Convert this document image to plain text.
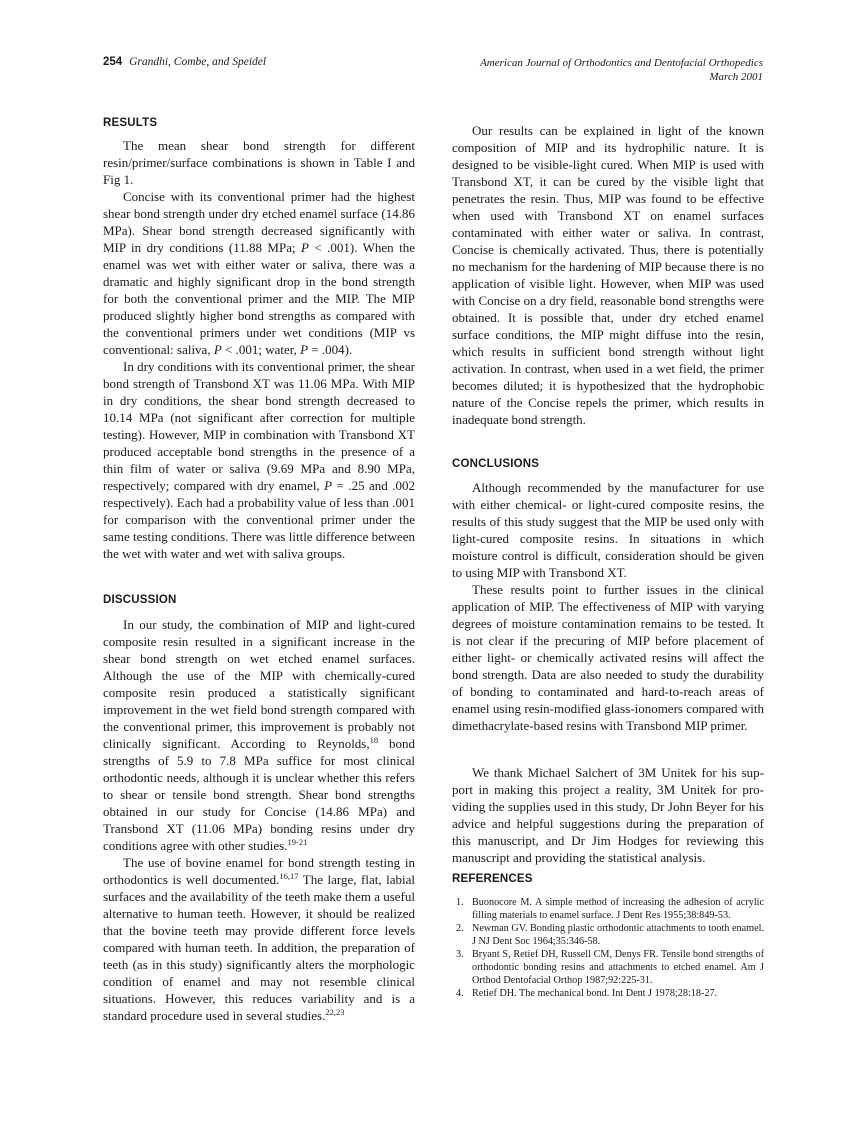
254 Grandhi, Combe, and Speidel	American Journal of Orthodontics and Dentofacial Orthopedics
March 2001
RESULTS

The mean shear bond strength for different resin/primer/surface combinations is shown in Table I and Fig 1.

Concise with its conventional primer had the highest shear bond strength under dry etched enamel surface (14.86 MPa). Shear bond strength decreased significantly with MIP in dry conditions (11.88 MPa; P < .001). When the enamel was wet with either water or saliva, there was a dramatic and highly significant drop in the bond strength for both the conventional primer and the MIP. The MIP produced slightly higher bond strengths as compared with the conventional primers under wet conditions (MIP vs conventional: saliva, P < .001; water, P = .004).

In dry conditions with its conventional primer, the shear bond strength of Transbond XT was 11.06 MPa. With MIP in dry conditions, the shear bond strength decreased to 10.14 MPa (not significant after correction for multiple testing). However, MIP in combination with Transbond XT produced acceptable bond strengths in the presence of a thin film of water or saliva (9.69 MPa and 8.90 MPa, respectively; compared with dry enamel, P = .25 and .002 respectively). Each had a probability value of less than .001 for comparison with the conventional primer under the same testing conditions. There was little difference between the wet with water and wet with saliva groups.

DISCUSSION

In our study, the combination of MIP and light-cured composite resin resulted in a significant increase in the shear bond strength on wet etched enamel surfaces. Although the use of the MIP with chemically-cured composite resin produced a statistically significant improvement in the wet field bond strength compared with the conventional primer, this improvement is probably not clinically significant. According to Reynolds,$^{18}$ bond strengths of 5.9 to 7.8 MPa suffice for most clinical orthodontic needs, although it is unclear whether this refers to shear or tensile bond strength. Shear bond strengths obtained in our study for Concise (14.86 MPa) and Transbond XT (11.06 MPa) bonding resins under dry conditions agree with other studies.$^{19-21}$

The use of bovine enamel for bond strength testing in orthodontics is well documented.$^{16,17}$ The large, flat, labial surfaces and the availability of the teeth make them a useful alternative to human teeth. However, it should be realized that the bovine teeth may provide different force levels compared with human teeth. In addition, the preparation of teeth (as in this study) significantly alters the morphologic condition of enamel and may not resemble clinical situations. However, this reduces variability and is a standard procedure used in several studies.$^{22,23}$

Our results can be explained in light of the known composition of MIP and its hydrophilic nature. It is designed to be visible-light cured. When MIP is used with Transbond XT, it can be cured by the visible light that penetrates the resin. Thus, MIP was found to be effective when used with Transbond XT on enamel surfaces contaminated with either water or saliva. In contrast, Concise is chemically activated. Thus, there is potentially no mechanism for the hardening of MIP because there is no application of visible light. However, when MIP was used with Concise on a dry field, reasonable bond strengths were obtained. It is possible that, under dry etched enamel surface conditions, the MIP might diffuse into the resin, which results in sufficient bond strength without light activation. In contrast, when used in a wet field, the primer becomes diluted; it is hypothesized that the hydrophobic nature of the Concise repels the primer, which results in inadequate bond strength.

CONCLUSIONS

Although recommended by the manufacturer for use with either chemical- or light-cured composite resins, the results of this study suggest that the MIP be used only with light-cured composite resins. In situations in which moisture control is difficult, consideration should be given to using MIP with Transbond XT.

These results point to further issues in the clinical application of MIP. The effectiveness of MIP with varying degrees of moisture contamination remains to be tested. It is not clear if the precuring of MIP before placement of either light- or chemically activated resins will affect the bond strength. Data are also needed to study the durability of bonding to contaminated and hard-to-reach areas of enamel using resin-modified glass-ionomers compared with dimethacrylate-based resins with Transbond MIP primer.

We thank Michael Salchert of 3M Unitek for his support in making this project a reality, 3M Unitek for providing the supplies used in this study, Dr John Beyer for his advice and helpful suggestions during the preparation of this manuscript, and Dr Jim Hodges for reviewing this manuscript and providing the statistical analysis.

REFERENCES
1. Buonocore M. A simple method of increasing the adhesion of acrylic filling materials to enamel surface. J Dent Res 1955;38:849-53.
2. Newman GV. Bonding plastic orthodontic attachments to tooth enamel. J NJ Dent Soc 1964;35:346-58.
3. Bryant S, Retief DH, Russell CM, Denys FR. Tensile bond strengths of orthodontic bonding resins and attachments to etched enamel. Am J Orthod Dentofacial Orthop 1987;92:225-31.
4. Retief DH. The mechanical bond. Int Dent J 1978;28:18-27.
